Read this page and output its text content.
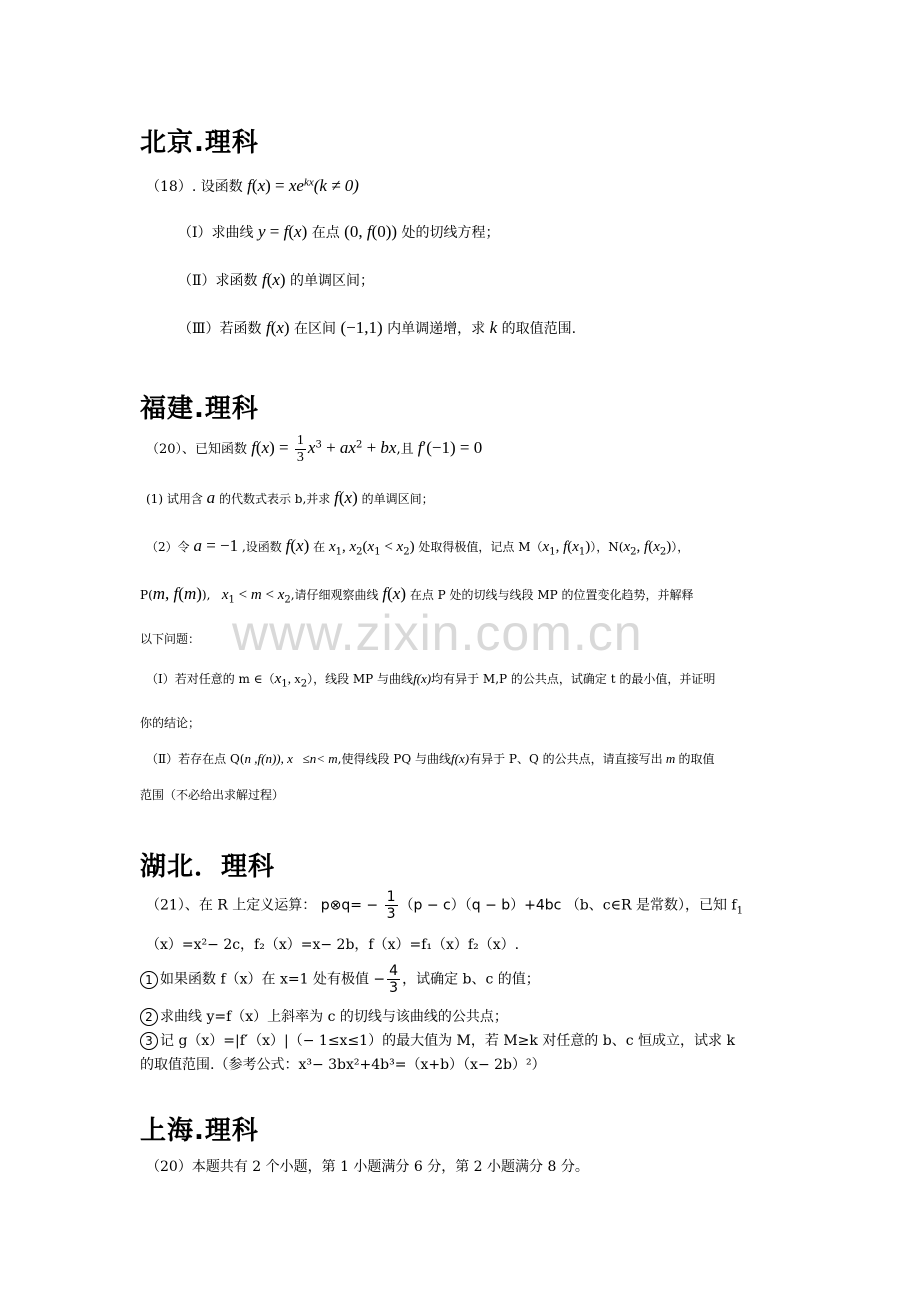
www.zixin.com.cn
北京.理科
（18）. 设函数 $f(x) = xe^{kx}(k \ne 0)$
（Ⅰ）求曲线 y = f(x) 在点 (0, f(0)) 处的切线方程；
（Ⅱ）求函数 f(x) 的单调区间；
（Ⅲ）若函数 f(x) 在区间 (−1,1) 内单调递增，求 k 的取值范围.
福建.理科
（20）、已知函数 $f(x) = \frac{1}{3} x^3 + ax^2$ + bx,且 f′(−1) = 0
(1) 试用含 a 的代数式表示 b,并求 f(x) 的单调区间；
（2）令 a = −1 ,设函数 f(x) 在 $x_1$, $x_2(x_1 < x_2)$ 处取得极值，记点 $M(x_1$, $f(x_1)$），$N(x_2$, $f(x_2)$），
P(m, f(m)), $x_1 < m < x_2$,请仔细观察曲线 f(x) 在点 P 处的切线与线段 MP 的位置变化趋势，并解释
以下问题：
（Ⅰ）若对任意的 m $\in(x_1$, $x_2$），线段 MP 与曲线f(x)均有异于 M,P 的公共点，试确定 t 的最小值，并证明
你的结论；
（Ⅱ）若存在点 Q(n ,f(n)), x   ≤n< m,使得线段 PQ 与曲线f(x)有异于 P、Q 的公共点，请直接写出 m 的取值
范围（不必给出求解过程）
湖北．理科
（21）、在 R 上定义运算： p⊗q= − $\frac{1}{3} (p - c)(q - b)+4bc$ （b、c∈R 是常数），已知 $f_1$
（x）=x²− 2c，f₂（x）=x− 2b，f（x）=f₁（x）f₂（x）.
1 如果函数 f（x）在 x=1 处有极值 − $\frac{4}{3}$ ，试确定 b、c 的值；
2 求曲线 y=f（x）上斜率为 c 的切线与该曲线的公共点；
3 记 g（x）=|f′（x）|（− 1≤x≤1）的最大值为 M，若 M≥k 对任意的 b、c 恒成立，试求 k
的取值范围.（参考公式：x³− 3bx²+4b³=（x+b）（x− 2b）²）
上海.理科
（20）本题共有 2 个小题，第 1 小题满分 6 分，第 2 小题满分 8 分。
